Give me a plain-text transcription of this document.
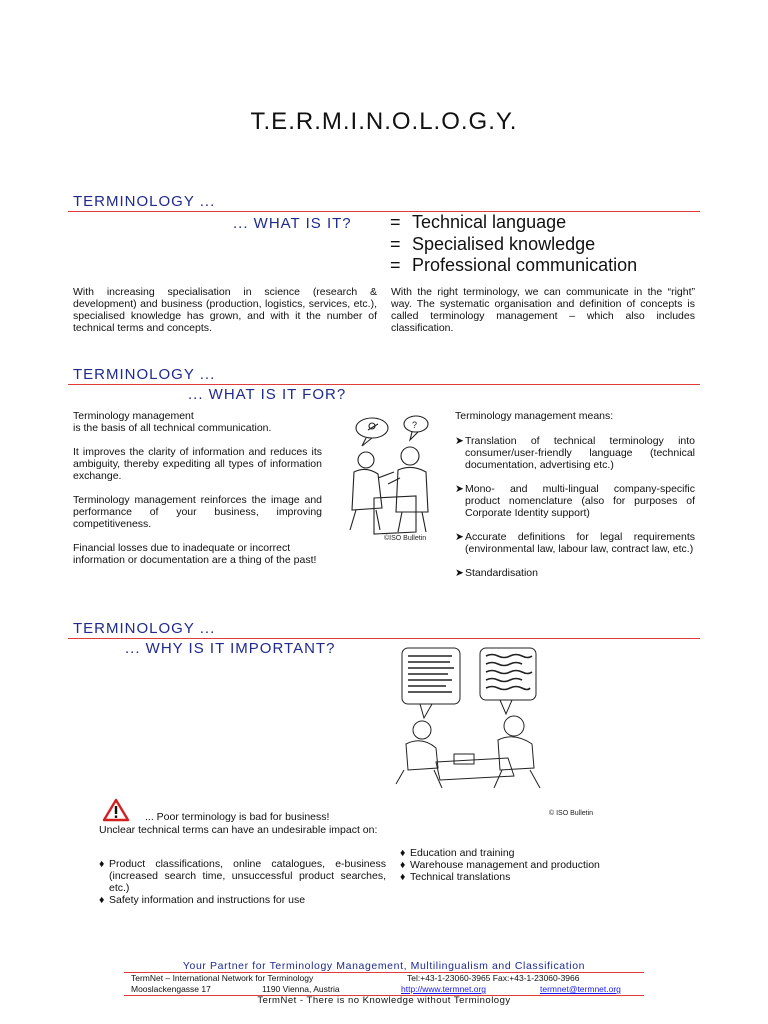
T.E.R.M.I.N.O.L.O.G.Y.
TERMINOLOGY ...
... WHAT IS IT? = Technical language
= Specialised knowledge
= Professional communication

With increasing specialisation in science (research & development) and business (production, logistics, services, etc.), specialised knowledge has grown, and with it the number of technical terms and concepts.

With the right terminology, we can communicate in the “right” way. The systematic organisation and definition of concepts is called terminology management – which also includes classification.

TERMINOLOGY ...
... WHAT IS IT FOR?

Terminology management
is the basis of all technical communication.

It improves the clarity of information and reduces its ambiguity, thereby expediting all types of information exchange.

Terminology management reinforces the image and performance of your business, improving competitiveness.

Financial losses due to inadequate or incorrect information or documentation are a thing of the past!

?
©ISO Bulletin

Terminology management means:

➤ Translation of technical terminology into consumer/user-friendly language (technical documentation, advertising etc.)
➤ Mono- and multi-lingual company-specific product nomenclature (also for purposes of Corporate Identity support)
➤ Accurate definitions for legal requirements (environmental law, labour law, contract law, etc.)
➤ Standardisation
TERMINOLOGY ...
... WHY IS IT IMPORTANT?
© ISO Bulletin
... Poor terminology is bad for business!

Unclear technical terms can have an undesirable impact on:

♦ Product classifications, online catalogues, e-business (increased search time, unsuccessful product searches, etc.)
♦ Safety information and instructions for use
♦ Education and training
♦ Warehouse management and production
♦ Technical translations
Your Partner for Terminology Management, Multilingualism and Classification
TermNet – International Network for Terminology	Tel:+43-1-23060-3965 Fax:+43-1-23060-3966
Mooslackengasse 17	1190 Vienna, Austria	http://www.termnet.org	termnet@termnet.org
TermNet - There is no Knowledge without Terminology
